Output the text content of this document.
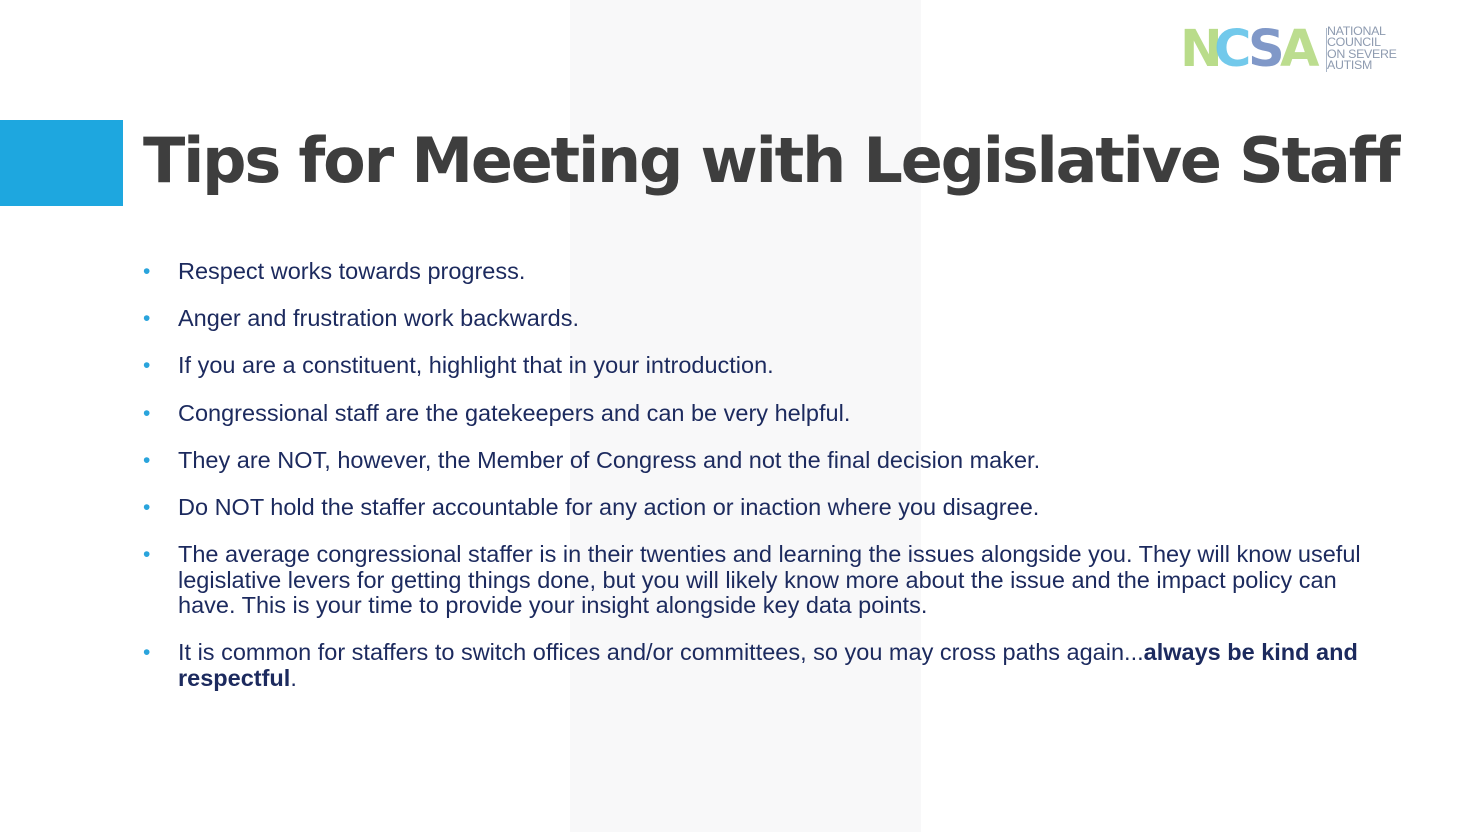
Tips for Meeting with Legislative Staff
N
C
S
A NATIONAL
COUNCIL
ON SEVERE
AUTISM
• Respect works towards progress.
• Anger and frustration work backwards.
• If you are a constituent, highlight that in your introduction.
• Congressional staff are the gatekeepers and can be very helpful.
• They are NOT, however, the Member of Congress and not the final decision maker.
• Do NOT hold the staffer accountable for any action or inaction where you disagree.
• The average congressional staffer is in their twenties and learning the issues alongside you. They will know useful legislative levers for getting things done, but you will likely know more about the issue and the impact policy can have. This is your time to provide your insight alongside key data points.
• It is common for staffers to switch offices and/or committees, so you may cross paths again...always be kind and respectful.
